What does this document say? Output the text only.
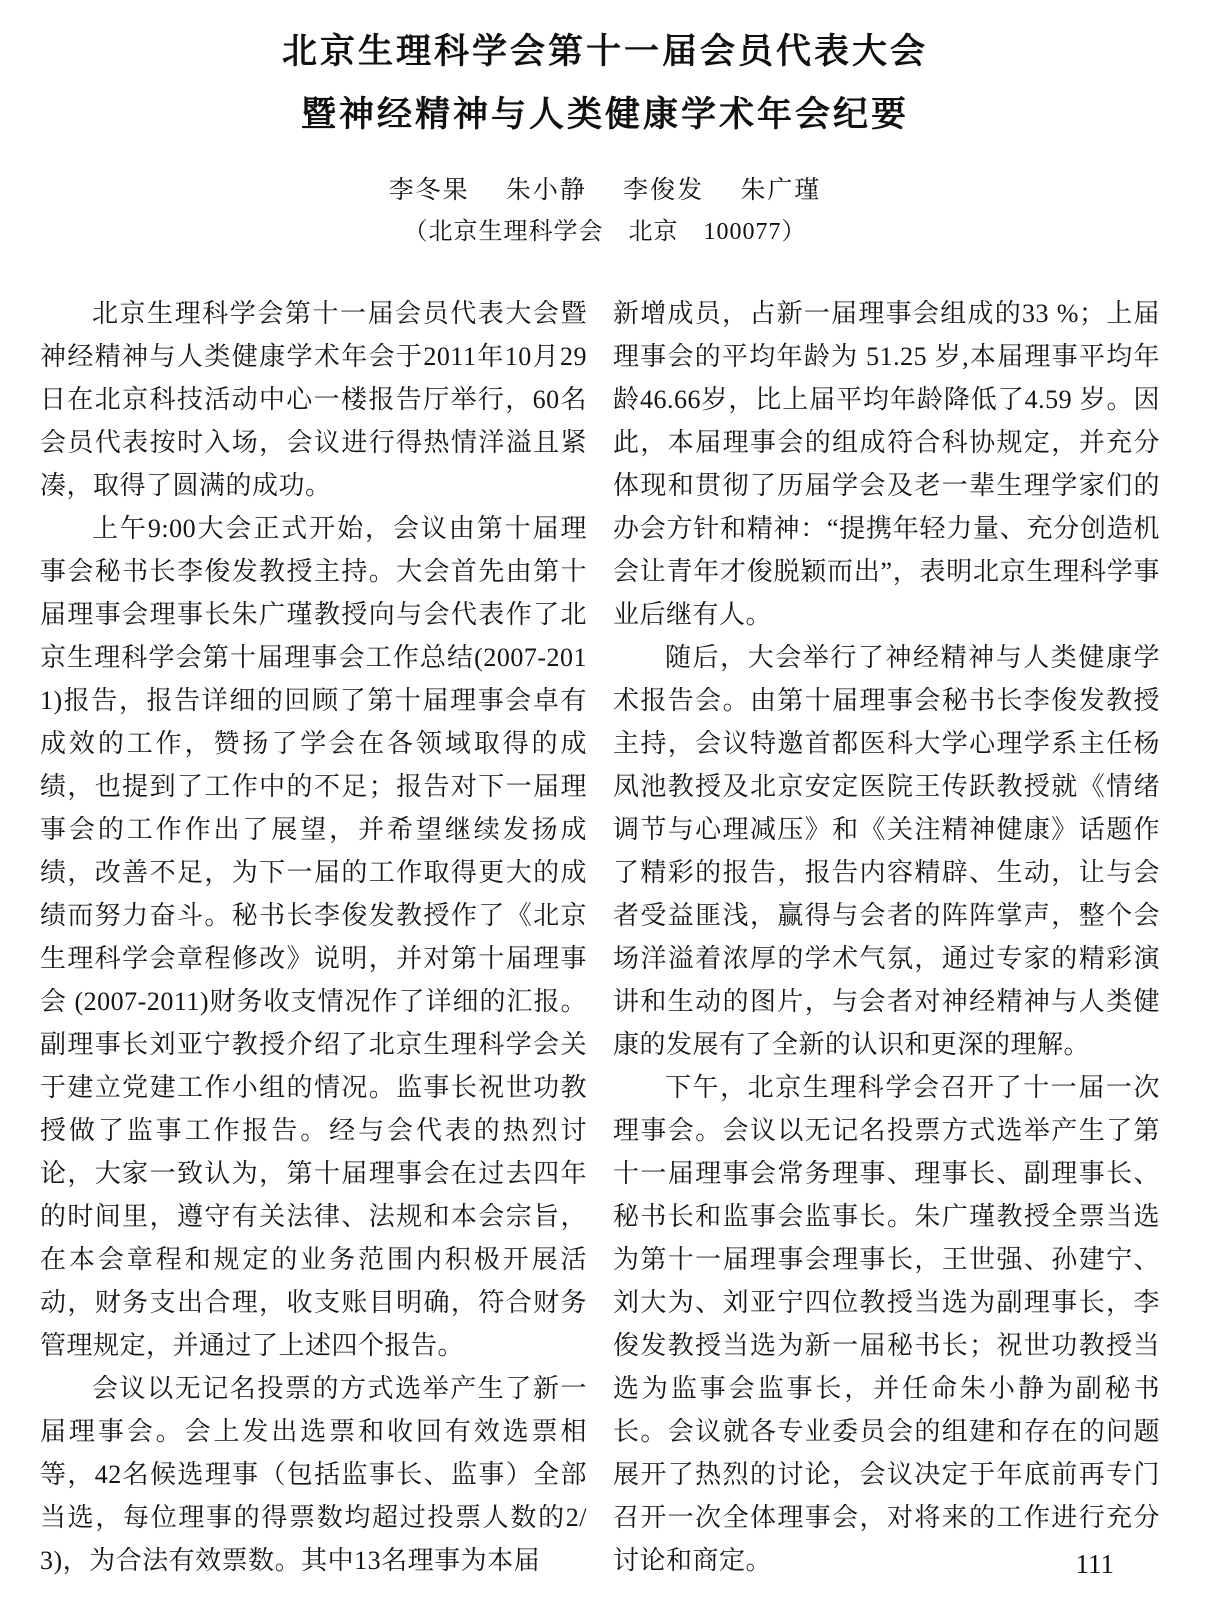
北京生理科学会第十一届会员代表大会
暨神经精神与人类健康学术年会纪要
李冬果 朱小静 李俊发 朱广瑾
（北京生理科学会　北京　100077）

北京生理科学会第十一届会员代表大会暨神经精神与人类健康学术年会于2011年10月29日在北京科技活动中心一楼报告厅举行，60名会员代表按时入场，会议进行得热情洋溢且紧凑，取得了圆满的成功。

上午9:00大会正式开始，会议由第十届理事会秘书长李俊发教授主持。大会首先由第十届理事会理事长朱广瑾教授向与会代表作了北京生理科学会第十届理事会工作总结(2007-2011)报告，报告详细的回顾了第十届理事会卓有成效的工作，赞扬了学会在各领域取得的成绩，也提到了工作中的不足；报告对下一届理事会的工作作出了展望，并希望继续发扬成绩，改善不足，为下一届的工作取得更大的成绩而努力奋斗。秘书长李俊发教授作了《北京生理科学会章程修改》说明，并对第十届理事会 (2007-2011)财务收支情况作了详细的汇报。副理事长刘亚宁教授介绍了北京生理科学会关于建立党建工作小组的情况。监事长祝世功教授做了监事工作报告。经与会代表的热烈讨论，大家一致认为，第十届理事会在过去四年的时间里，遵守有关法律、法规和本会宗旨，在本会章程和规定的业务范围内积极开展活动，财务支出合理，收支账目明确，符合财务管理规定，并通过了上述四个报告。

会议以无记名投票的方式选举产生了新一届理事会。会上发出选票和收回有效选票相等，42名候选理事（包括监事长、监事）全部当选，每位理事的得票数均超过投票人数的2/3)，为合法有效票数。其中13名理事为本届

新增成员，占新一届理事会组成的33 %；上届理事会的平均年龄为 51.25 岁,本届理事平均年龄46.66岁，比上届平均年龄降低了4.59 岁。因此，本届理事会的组成符合科协规定，并充分体现和贯彻了历届学会及老一辈生理学家们的办会方针和精神：“提携年轻力量、充分创造机会让青年才俊脱颖而出”，表明北京生理科学事业后继有人。

随后，大会举行了神经精神与人类健康学术报告会。由第十届理事会秘书长李俊发教授主持，会议特邀首都医科大学心理学系主任杨凤池教授及北京安定医院王传跃教授就《情绪调节与心理减压》和《关注精神健康》话题作了精彩的报告，报告内容精辟、生动，让与会者受益匪浅，赢得与会者的阵阵掌声，整个会场洋溢着浓厚的学术气氛，通过专家的精彩演讲和生动的图片，与会者对神经精神与人类健康的发展有了全新的认识和更深的理解。

下午，北京生理科学会召开了十一届一次理事会。会议以无记名投票方式选举产生了第十一届理事会常务理事、理事长、副理事长、秘书长和监事会监事长。朱广瑾教授全票当选为第十一届理事会理事长，王世强、孙建宁、刘大为、刘亚宁四位教授当选为副理事长，李俊发教授当选为新一届秘书长；祝世功教授当选为监事会监事长，并任命朱小静为副秘书长。会议就各专业委员会的组建和存在的问题展开了热烈的讨论，会议决定于年底前再专门召开一次全体理事会，对将来的工作进行充分讨论和商定。	111
